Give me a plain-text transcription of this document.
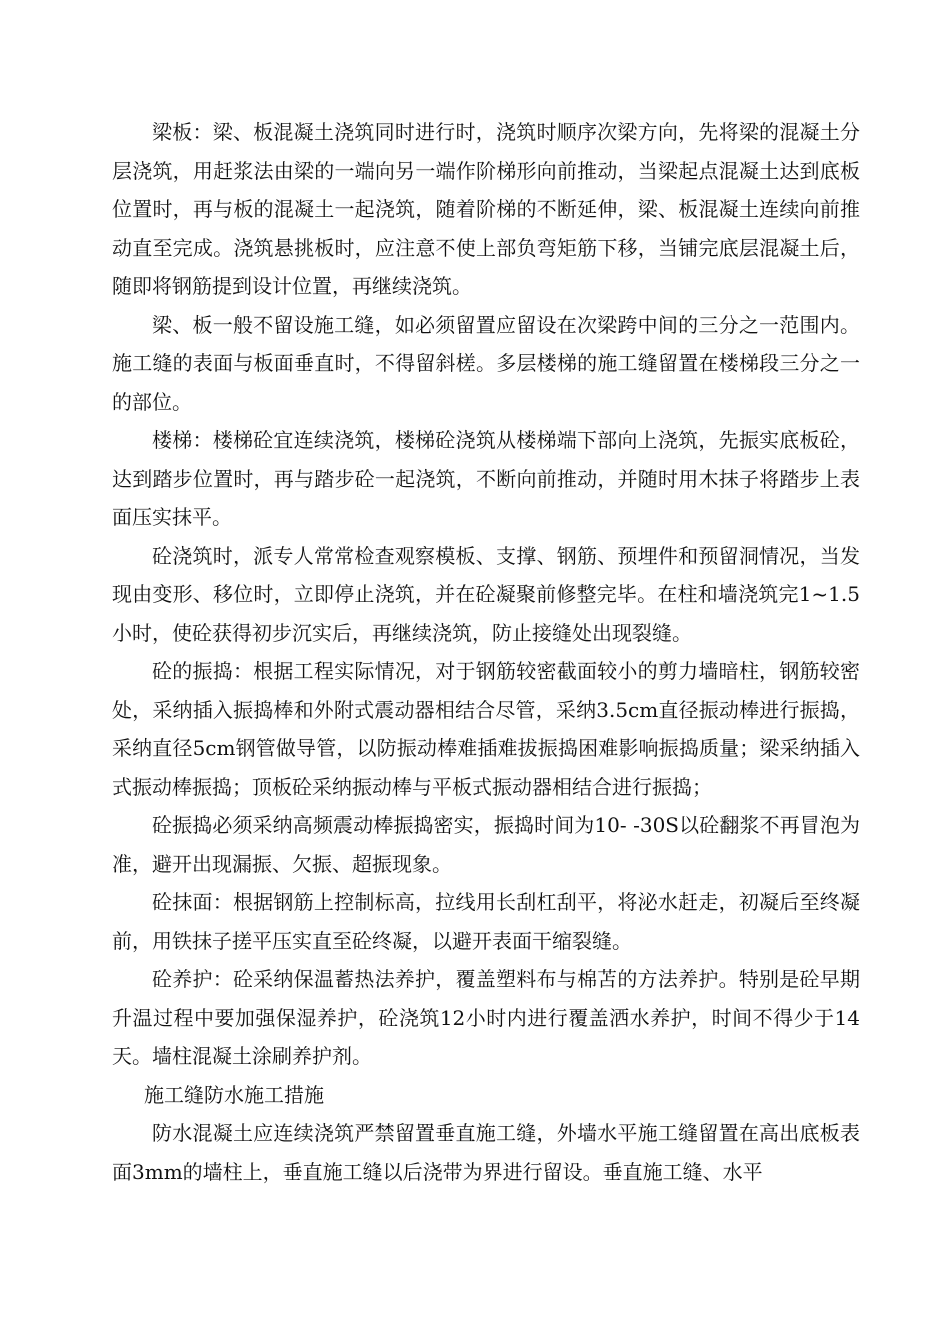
梁板：梁、板混凝土浇筑同时进行时，浇筑时顺序次梁方向，先将梁的混凝土分层浇筑，用赶浆法由梁的一端向另一端作阶梯形向前推动，当梁起点混凝土达到底板位置时，再与板的混凝土一起浇筑，随着阶梯的不断延伸，梁、板混凝土连续向前推动直至完成。浇筑悬挑板时，应注意不使上部负弯矩筋下移，当铺完底层混凝土后，随即将钢筋提到设计位置，再继续浇筑。

梁、板一般不留设施工缝，如必须留置应留设在次梁跨中间的三分之一范围内。施工缝的表面与板面垂直时，不得留斜槎。多层楼梯的施工缝留置在楼梯段三分之一的部位。

楼梯：楼梯砼宜连续浇筑，楼梯砼浇筑从楼梯端下部向上浇筑，先振实底板砼，达到踏步位置时，再与踏步砼一起浇筑，不断向前推动，并随时用木抹子将踏步上表面压实抹平。

砼浇筑时，派专人常常检查观察模板、支撑、钢筋、预埋件和预留洞情况，当发现由变形、移位时，立即停止浇筑，并在砼凝聚前修整完毕。在柱和墙浇筑完1~1.5小时，使砼获得初步沉实后，再继续浇筑，防止接缝处出现裂缝。

砼的振捣：根据工程实际情况，对于钢筋较密截面较小的剪力墙暗柱，钢筋较密处，采纳插入振捣棒和外附式震动器相结合尽管，采纳3.5cm直径振动棒进行振捣，采纳直径5cm钢管做导管，以防振动棒难插难拔振捣困难影响振捣质量；梁采纳插入式振动棒振捣；顶板砼采纳振动棒与平板式振动器相结合进行振捣；

砼振捣必须采纳高频震动棒振捣密实，振捣时间为10- -30S以砼翻浆不再冒泡为准，避开出现漏振、欠振、超振现象。

砼抹面：根据钢筋上控制标高，拉线用长刮杠刮平，将泌水赶走，初凝后至终凝前，用铁抹子搓平压实直至砼终凝，以避开表面干缩裂缝。

砼养护：砼采纳保温蓄热法养护，覆盖塑料布与棉苫的方法养护。特别是砼早期升温过程中要加强保湿养护，砼浇筑12小时内进行覆盖洒水养护，时间不得少于14天。墙柱混凝土涂刷养护剂。

施工缝防水施工措施

防水混凝土应连续浇筑严禁留置垂直施工缝，外墙水平施工缝留置在高出底板表面3mm的墙柱上，垂直施工缝以后浇带为界进行留设。垂直施工缝、水平
